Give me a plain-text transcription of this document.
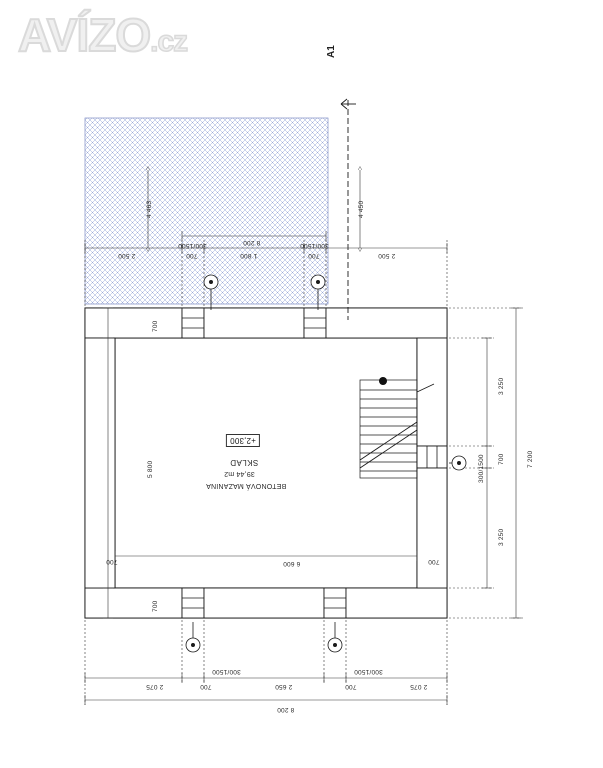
AVÍZO.cz	A1
+2,300
SKLAD
39,44 m2
BETONOVÁ MAZANINA
2 500	700	1 800	700	2 500
8 200
300/1500	300/1500
4 463	4 450
700
700
700	700
5 800
6 600
3 250
700
3 250
7 200
300/1500
2 075	700	2 650	700	2 075
8 200
300/1500	300/1500
